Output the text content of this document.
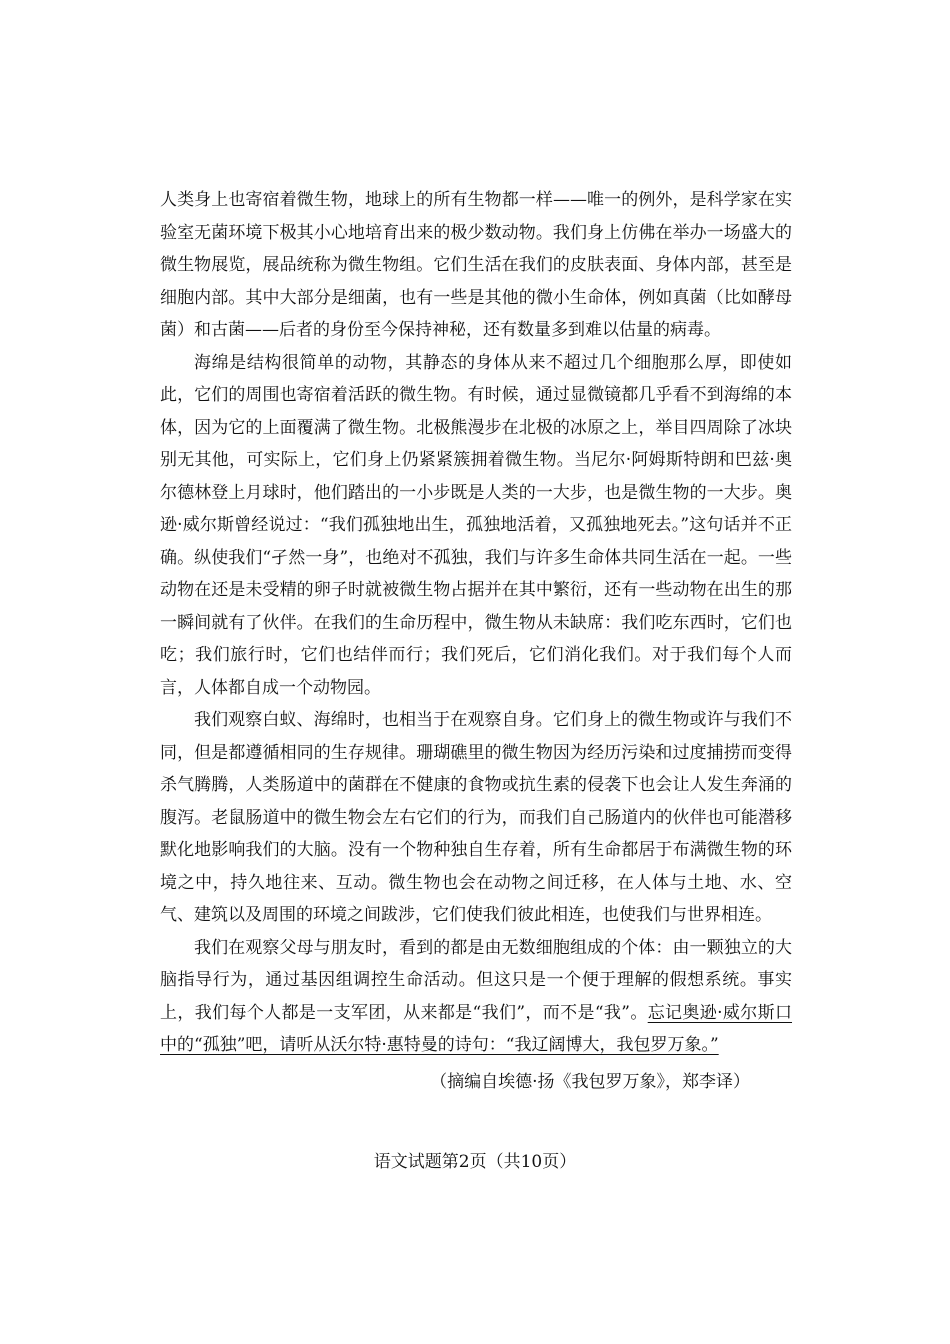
人类身上也寄宿着微生物，地球上的所有生物都一样——唯一的例外，是科学家在实验室无菌环境下极其小心地培育出来的极少数动物。我们身上仿佛在举办一场盛大的微生物展览，展品统称为微生物组。它们生活在我们的皮肤表面、身体内部，甚至是细胞内部。其中大部分是细菌，也有一些是其他的微小生命体，例如真菌（比如酵母菌）和古菌——后者的身份至今保持神秘，还有数量多到难以估量的病毒。

海绵是结构很简单的动物，其静态的身体从来不超过几个细胞那么厚，即使如此，它们的周围也寄宿着活跃的微生物。有时候，通过显微镜都几乎看不到海绵的本体，因为它的上面覆满了微生物。北极熊漫步在北极的冰原之上，举目四周除了冰块别无其他，可实际上，它们身上仍紧紧簇拥着微生物。当尼尔·阿姆斯特朗和巴兹·奥尔德林登上月球时，他们踏出的一小步既是人类的一大步，也是微生物的一大步。奥逊·威尔斯曾经说过：“我们孤独地出生，孤独地活着，又孤独地死去。”这句话并不正确。纵使我们“孑然一身”，也绝对不孤独，我们与许多生命体共同生活在一起。一些动物在还是未受精的卵子时就被微生物占据并在其中繁衍，还有一些动物在出生的那一瞬间就有了伙伴。在我们的生命历程中，微生物从未缺席：我们吃东西时，它们也吃；我们旅行时，它们也结伴而行；我们死后，它们消化我们。对于我们每个人而言，人体都自成一个动物园。

我们观察白蚁、海绵时，也相当于在观察自身。它们身上的微生物或许与我们不同，但是都遵循相同的生存规律。珊瑚礁里的微生物因为经历污染和过度捕捞而变得杀气腾腾，人类肠道中的菌群在不健康的食物或抗生素的侵袭下也会让人发生奔涌的腹泻。老鼠肠道中的微生物会左右它们的行为，而我们自己肠道内的伙伴也可能潜移默化地影响我们的大脑。没有一个物种独自生存着，所有生命都居于布满微生物的环境之中，持久地往来、互动。微生物也会在动物之间迁移，在人体与土地、水、空气、建筑以及周围的环境之间跋涉，它们使我们彼此相连，也使我们与世界相连。

我们在观察父母与朋友时，看到的都是由无数细胞组成的个体：由一颗独立的大脑指导行为，通过基因组调控生命活动。但这只是一个便于理解的假想系统。事实上，我们每个人都是一支军团，从来都是“我们”，而不是“我”。忘记奥逊·威尔斯口中的“孤独”吧，请听从沃尔特·惠特曼的诗句：“我辽阔博大，我包罗万象。”

（摘编自埃德·扬《我包罗万象》，郑李译）
语文试题第2页（共10页）
